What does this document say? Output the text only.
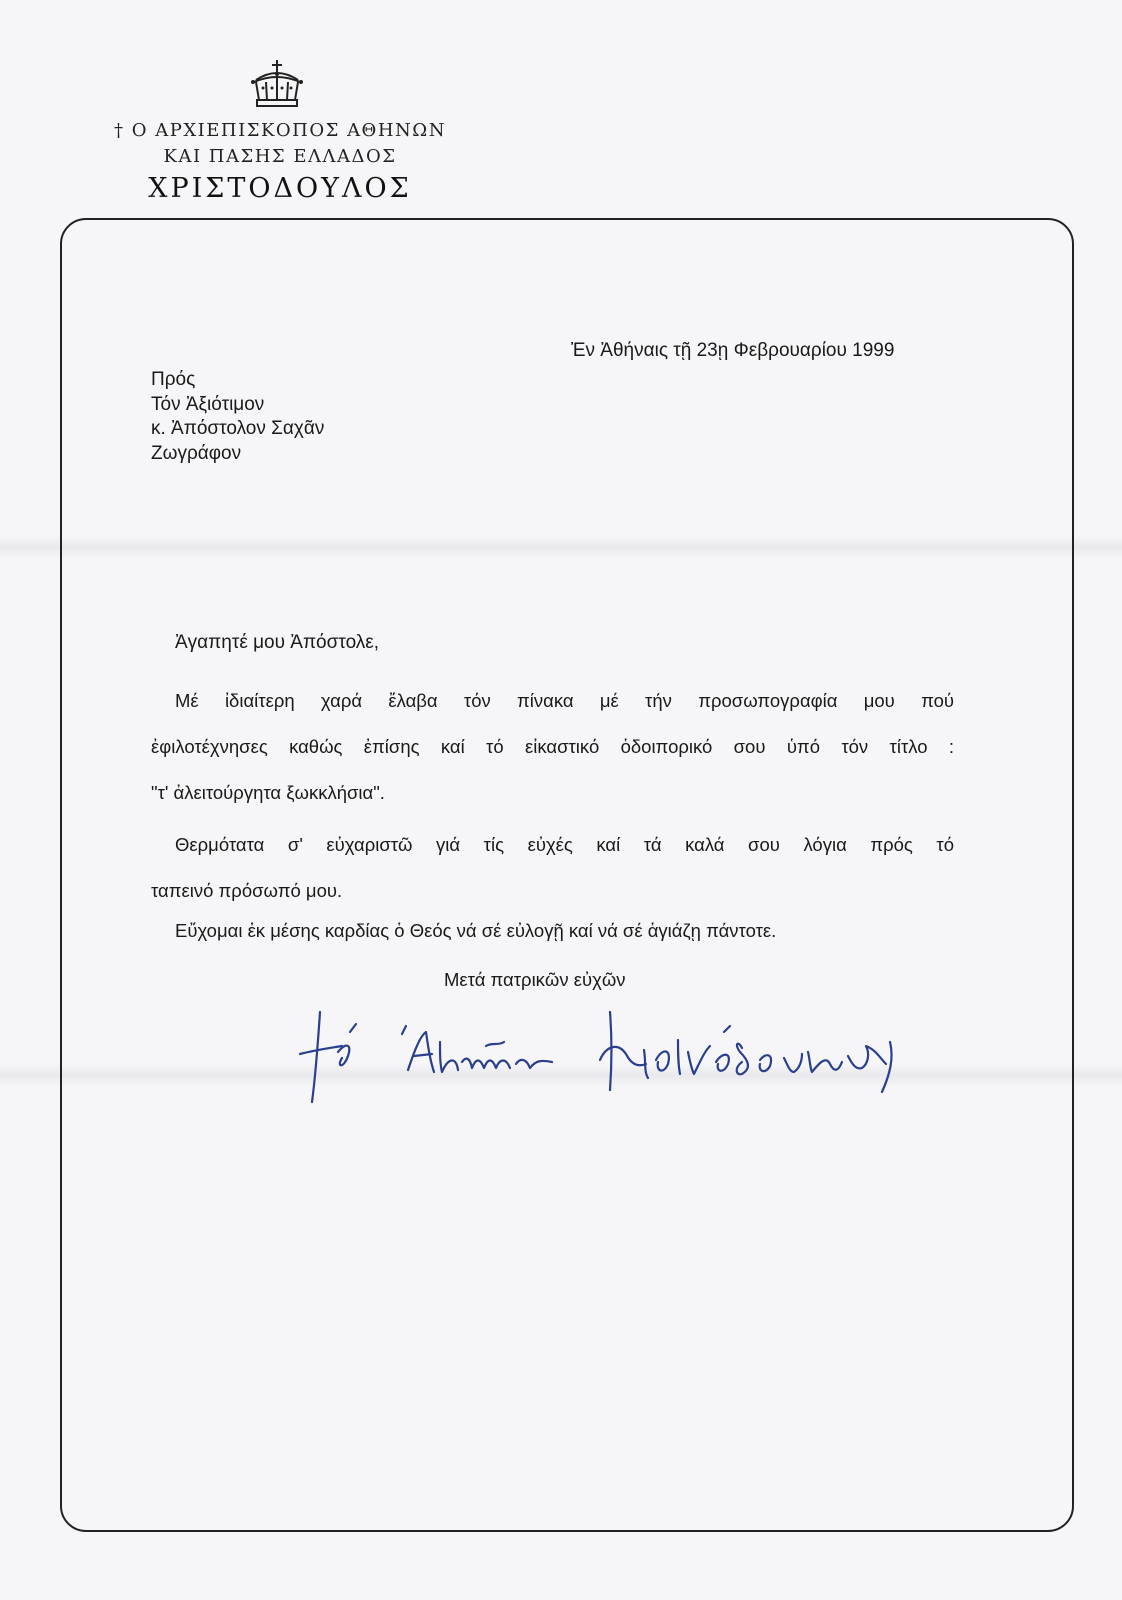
† Ο ΑΡΧΙΕΠΙΣΚΟΠΟΣ ΑΘΗΝΩΝ
ΚΑΙ ΠΑΣΗΣ ΕΛΛΑΔΟΣ
ΧΡΙΣΤΟΔΟΥΛΟΣ
Ἐν Ἀθήναις τῇ 23ῃ Φεβρουαρίου 1999
Πρός
Τόν Ἀξιότιμον
κ. Ἀπόστολον Σαχᾶν
Ζωγράφον
Ἀγαπητέ μου Ἀπόστολε,
Μέ ἰδιαίτερη χαρά ἔλαβα τόν πίνακα μέ τήν προσωπογραφία μου πού
ἐφιλοτέχνησες καθώς ἐπίσης καί τό εἰκαστικό ὁδοιπορικό σου ὑπό τόν τίτλο :
"τ' ἀλειτούργητα ξωκκλήσια".
Θερμότατα σ' εὐχαριστῶ γιά τίς εὐχές καί τά καλά σου λόγια πρός τό
ταπεινό πρόσωπό μου.
Εὔχομαι ἐκ μέσης καρδίας ὁ Θεός νά σέ εὐλογῇ καί νά σέ ἁγιάζῃ πάντοτε.
Μετά πατρικῶν εὐχῶν
